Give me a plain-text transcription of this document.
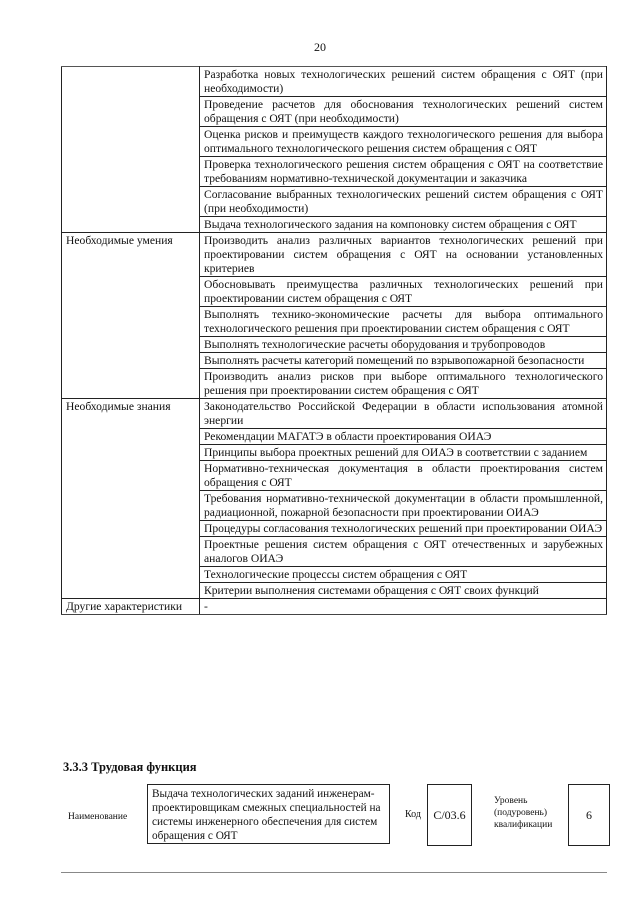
20
	Разработка новых технологических решений систем обращения с ОЯТ (при необходимости)
	Проведение расчетов для обоснования технологических решений систем обращения с ОЯТ (при необходимости)
	Оценка рисков и преимуществ каждого технологического решения для выбора оптимального технологического решения систем обращения с ОЯТ
	Проверка технологического решения систем обращения с ОЯТ на соответствие требованиям нормативно-технической документации и заказчика
	Согласование выбранных технологических решений систем обращения с ОЯТ (при необходимости)
	Выдача технологического задания на компоновку систем обращения с ОЯТ
Необходимые умения	Производить анализ различных вариантов технологических решений при проектировании систем обращения с ОЯТ на основании установленных критериев
	Обосновывать преимущества различных технологических решений при проектировании систем обращения с ОЯТ
	Выполнять технико-экономические расчеты для выбора оптимального технологического решения при проектировании систем обращения с ОЯТ
	Выполнять технологические расчеты оборудования и трубопроводов
	Выполнять расчеты категорий помещений по взрывопожарной безопасности
	Производить анализ рисков при выборе оптимального технологического решения при проектировании систем обращения с ОЯТ
Необходимые знания	Законодательство Российской Федерации в области использования атомной энергии
	Рекомендации МАГАТЭ в области проектирования ОИАЭ
	Принципы выбора проектных решений для ОИАЭ в соответствии с заданием
	Нормативно-техническая документация в области проектирования систем обращения с ОЯТ
	Требования нормативно-технической документации в области промышленной, радиационной, пожарной безопасности при проектировании ОИАЭ
	Процедуры согласования технологических решений при проектировании ОИАЭ
	Проектные решения систем обращения с ОЯТ отечественных и зарубежных аналогов ОИАЭ
	Технологические процессы систем обращения с ОЯТ
	Критерии выполнения системами обращения с ОЯТ своих функций
Другие характеристики	-
3.3.3 Трудовая функция
Наименование
Выдача технологических заданий инженерам-проектировщикам смежных специальностей на системы инженерного обеспечения для систем обращения с ОЯТ
Код	С/03.6
Уровень (подуровень) квалификации
6
